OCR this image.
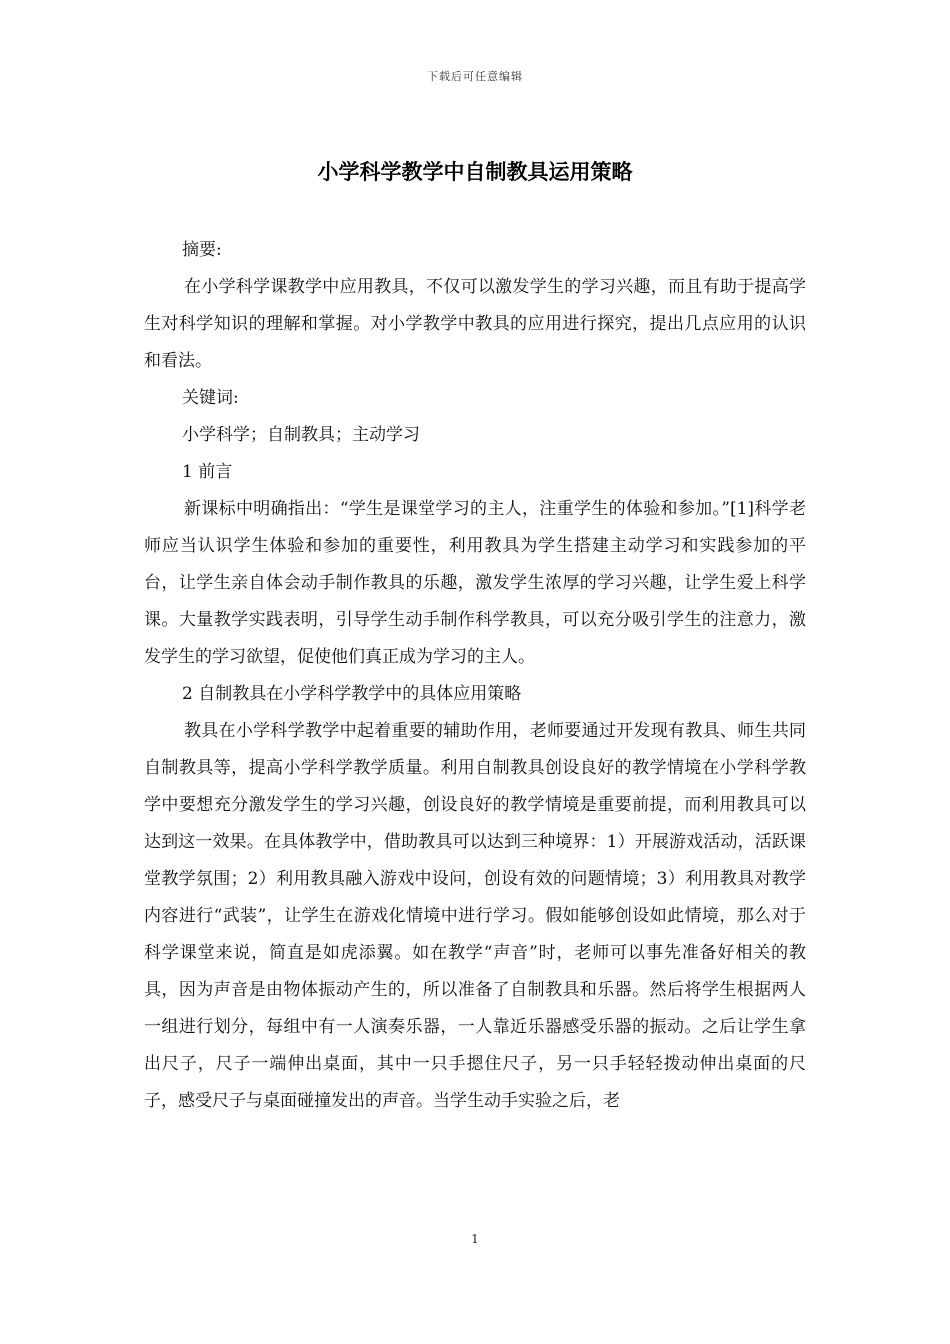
下载后可任意编辑
小学科学教学中自制教具运用策略

摘要:

在小学科学课教学中应用教具，不仅可以激发学生的学习兴趣，而且有助于提高学生对科学知识的理解和掌握。对小学教学中教具的应用进行探究，提出几点应用的认识和看法。

关键词:

小学科学；自制教具；主动学习

1 前言

新课标中明确指出：“学生是课堂学习的主人，注重学生的体验和参加。”[1]科学老师应当认识学生体验和参加的重要性，利用教具为学生搭建主动学习和实践参加的平台，让学生亲自体会动手制作教具的乐趣，激发学生浓厚的学习兴趣，让学生爱上科学课。大量教学实践表明，引导学生动手制作科学教具，可以充分吸引学生的注意力，激发学生的学习欲望，促使他们真正成为学习的主人。

2 自制教具在小学科学教学中的具体应用策略

教具在小学科学教学中起着重要的辅助作用，老师要通过开发现有教具、师生共同自制教具等，提高小学科学教学质量。利用自制教具创设良好的教学情境在小学科学教学中要想充分激发学生的学习兴趣，创设良好的教学情境是重要前提，而利用教具可以达到这一效果。在具体教学中，借助教具可以达到三种境界：1）开展游戏活动，活跃课堂教学氛围；2）利用教具融入游戏中设问，创设有效的问题情境；3）利用教具对教学内容进行“武装”，让学生在游戏化情境中进行学习。假如能够创设如此情境，那么对于科学课堂来说，简直是如虎添翼。如在教学“声音”时，老师可以事先准备好相关的教具，因为声音是由物体振动产生的，所以准备了自制教具和乐器。然后将学生根据两人一组进行划分，每组中有一人演奏乐器，一人靠近乐器感受乐器的振动。之后让学生拿出尺子，尺子一端伸出桌面，其中一只手摁住尺子，另一只手轻轻拨动伸出桌面的尺子，感受尺子与桌面碰撞发出的声音。当学生动手实验之后，老

1
